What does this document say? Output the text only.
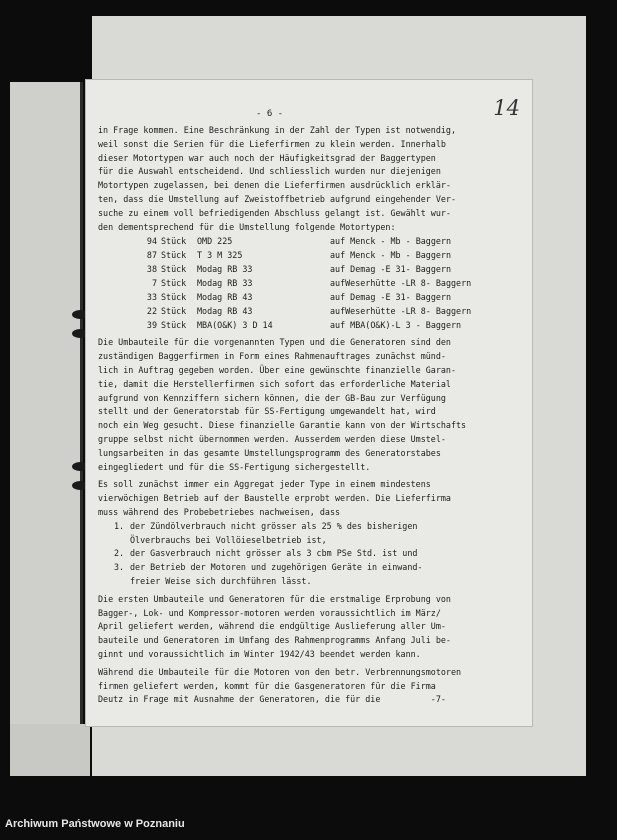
- 6 -	14
in Frage kommen. Eine Beschränkung in der Zahl der Typen ist notwendig,
weil sonst die Serien für die Lieferfirmen zu klein werden. Innerhalb
dieser Motortypen war auch noch der Häufigkeitsgrad der Baggertypen
für die Auswahl entscheidend. Und schliesslich wurden nur diejenigen
Motortypen zugelassen, bei denen die Lieferfirmen ausdrücklich erklär-
ten, dass die Umstellung auf Zweistoffbetrieb aufgrund eingehender Ver-
suche zu einem voll befriedigenden Abschluss gelangt ist. Gewählt wur-
den dementsprechend für die Umstellung folgende Motortypen:
94 Stück	OMD 225	auf Menck - Mb - Baggern
87 Stück	T 3 M 325	auf Menck - Mb - Baggern
38 Stück	Modag RB 33	auf Demag -E 31- Baggern
7 Stück	Modag RB 33	aufWeserhütte -LR 8- Baggern
33 Stück	Modag RB 43	auf Demag -E 31- Baggern
22 Stück	Modag RB 43	aufWeserhütte -LR 8- Baggern
39 Stück	MBA(O&K) 3 D 14	auf MBA(O&K)-L 3 - Baggern
Die Umbauteile für die vorgenannten Typen und die Generatoren sind den
zuständigen Baggerfirmen in Form eines Rahmenauftrages zunächst münd-
lich in Auftrag gegeben worden. Über eine gewünschte finanzielle Garan-
tie, damit die Herstellerfirmen sich sofort das erforderliche Material
aufgrund von Kennziffern sichern können, die der GB-Bau zur Verfügung
stellt und der Generatorstab für SS-Fertigung umgewandelt hat, wird
noch ein Weg gesucht. Diese finanzielle Garantie kann von der Wirtschafts
gruppe selbst nicht übernommen werden. Ausserdem werden diese Umstel-
lungsarbeiten in das gesamte Umstellungsprogramm des Generatorstabes
eingegliedert und für die SS-Fertigung sichergestellt.
Es soll zunächst immer ein Aggregat jeder Type in einem mindestens
vierwöchigen Betrieb auf der Baustelle erprobt werden. Die Lieferfirma
muss während des Probebetriebes nachweisen, dass
1. der Zündölverbrauch nicht grösser als 25 % des bisherigen
Ölverbrauchs bei Vollöieselbetrieb ist,
2. der Gasverbrauch nicht grösser als 3 cbm PSe Std. ist und
3. der Betrieb der Motoren und zugehörigen Geräte in einwand-
freier Weise sich durchführen lässt.
Die ersten Umbauteile und Generatoren für die erstmalige Erprobung von
Bagger-, Lok- und Kompressor-motoren werden voraussichtlich im März/
April geliefert werden, während die endgültige Auslieferung aller Um-
bauteile und Generatoren im Umfang des Rahmenprogramms Anfang Juli be-
ginnt und voraussichtlich im Winter 1942/43 beendet werden kann.
Während die Umbauteile für die Motoren von den betr. Verbrennungsmotoren
firmen geliefert werden, kommt für die Gasgeneratoren für die Firma
Deutz in Frage mit Ausnahme der Generatoren, die für die          -7-
Archiwum Państwowe w Poznaniu
